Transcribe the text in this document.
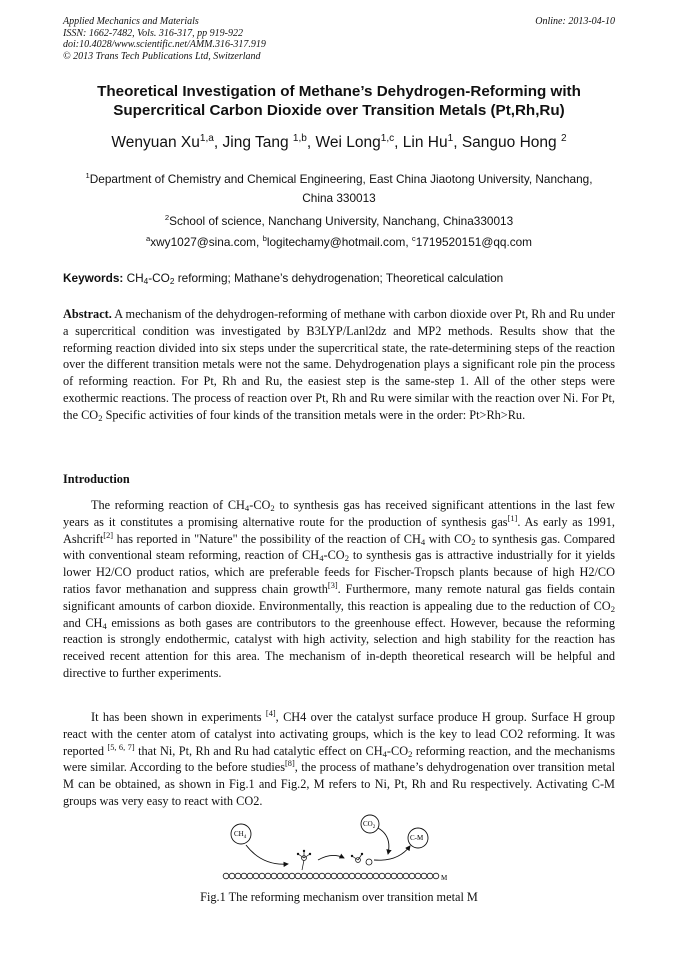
Applied Mechanics and Materials
ISSN: 1662-7482, Vols. 316-317, pp 919-922
doi:10.4028/www.scientific.net/AMM.316-317.919
© 2013 Trans Tech Publications Ltd, Switzerland
Online: 2013-04-10
Theoretical Investigation of Methane’s Dehydrogen-Reforming with
Supercritical Carbon Dioxide over Transition Metals (Pt,Rh,Ru)
Wenyuan Xu$^{1,a}$, Jing Tang $^{1,b}$, Wei Long$^{1,c}$, Lin Hu$^1$, Sanguo Hong $^2$
$^1$Department of Chemistry and Chemical Engineering, East China Jiaotong University, Nanchang,
China 330013
$^2$School of science, Nanchang University, Nanchang, China330013
$^a$xwy1027@sina.com, $^b$logitechamy@hotmail.com, $^c$1719520151@qq.com
Keywords: $CH_4-CO_2$ reforming; Mathane’s dehydrogenation; Theoretical calculation
Abstract. A mechanism of the dehydrogen-reforming of methane with carbon dioxide over Pt, Rh and Ru under a supercritical condition was investigated by B3LYP/Lanl2dz and MP2 methods. Results show that the reforming reaction divided into six steps under the supercritical state, the rate-determining steps of the reaction over the different transition metals were not the same. Dehydrogenation plays a significant role pin the process of reforming reaction. For Pt, Rh and Ru, the easiest step is the same-step 1. All of the other steps were exothermic reactions. The process of reaction over Pt, Rh and Ru were similar with the reaction over Ni. For Pt, the $CO_2$ Specific activities of four kinds of the transition metals were in the order: Pt>Rh>Ru.
Introduction
The reforming reaction of $CH_4-CO_2$ to synthesis gas has received significant attentions in the last few years as it constitutes a promising alternative route for the production of synthesis gas[1]. As early as 1991, Ashcrift[2] has reported in "Nature" the possibility of the reaction of $CH_4$ with $CO_2$ to synthesis gas. Compared with conventional steam reforming, reaction of $CH_4-CO_2$ to synthesis gas is attractive industrially for it yields lower H2/CO product ratios, which are preferable feeds for Fischer-Tropsch plants because of high H2/CO ratios favor methanation and suppress chain growth[3]. Furthermore, many remote natural gas fields contain significant amounts of carbon dioxide. Environmentally, this reaction is appealing due to the reduction of $CO_2$ and $CH_4$ emissions as both gases are contributors to the greenhouse effect. However, because the reforming reaction is strongly endothermic, catalyst with high activity, selection and high stability for the reaction has received recent attention for this area. The mechanism of in-depth theoretical research will be helpful and directive to further experiments.
It has been shown in experiments [4], CH4 over the catalyst surface produce H group. Surface H group react with the center atom of catalyst into activating groups, which is the key to lead CO2 reforming. It was reported [5, 6, 7] that Ni, Pt, Rh and Ru had catalytic effect on $CH_4-CO_2$ reforming reaction, and the mechanisms were similar. According to the before studies[8], the process of mathane’s dehydrogenation over transition metal M can be obtained, as shown in Fig.1 and Fig.2, M refers to Ni, Pt, Rh and Ru respectively. Activating C-M groups was very easy to react with CO2.
$CH_4$
$CO_2$
C-M
M
Fig.1 The reforming mechanism over transition metal M
